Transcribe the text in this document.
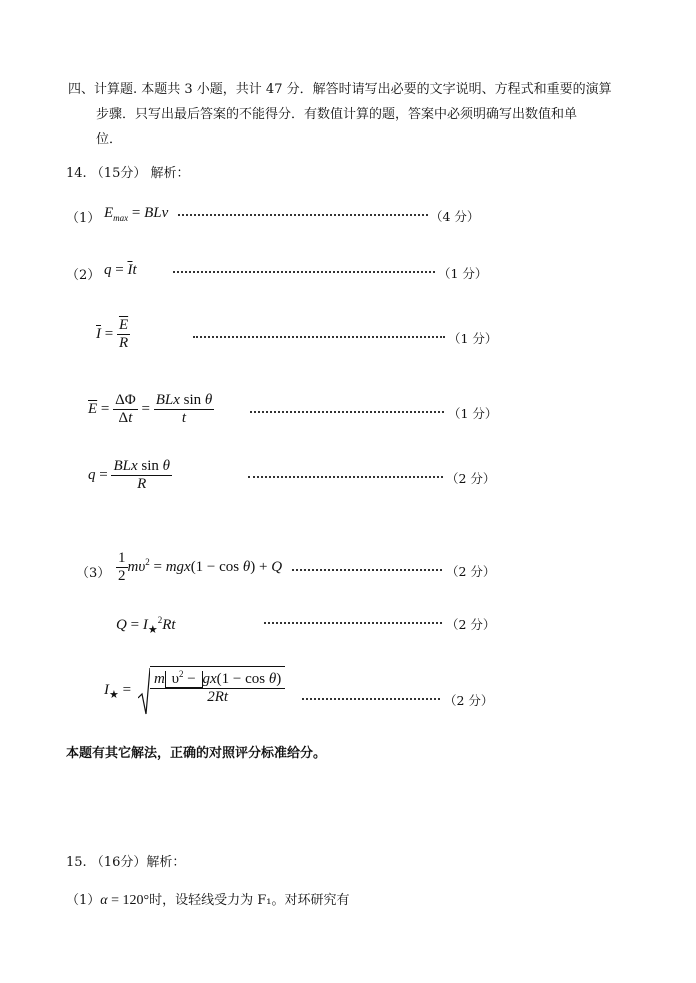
四、计算题. 本题共 3 小题，共计 47 分．解答时请写出必要的文字说明、方程式和重要的演算
步骤．只写出最后答案的不能得分．有数值计算的题，答案中必须明确写出数值和单
位．
14. （15分） 解析：
（1） $E_{max}$ = BLv	（4 分）
（2） $q = \overline{I}t$	（1 分）
$\overline{I} = \frac{\overline{E}}{R}$	（1 分）
$\overline{E} = \frac{\Delta\Phi}{\Delta t} = \frac{\text{BLx sin θ}}{t}$	（1 分）
$q = \frac{\text{BLx sin θ}}{R}$	（2 分）
$(3) \frac{1}{2} m\upsilon^2 = mgx(1 - \cos \theta) + Q$	（2 分）
$Q = I_★^2Rt$	（2 分）
$I_★ = \frac{m \upsilon^2 - gx(1 - \cos \theta)}{2Rt}$	（2 分）
本题有其它解法，正确的对照评分标准给分。
15. （16分）解析：
（1）α = 120°时，设轻线受力为 F₁。对环研究有
